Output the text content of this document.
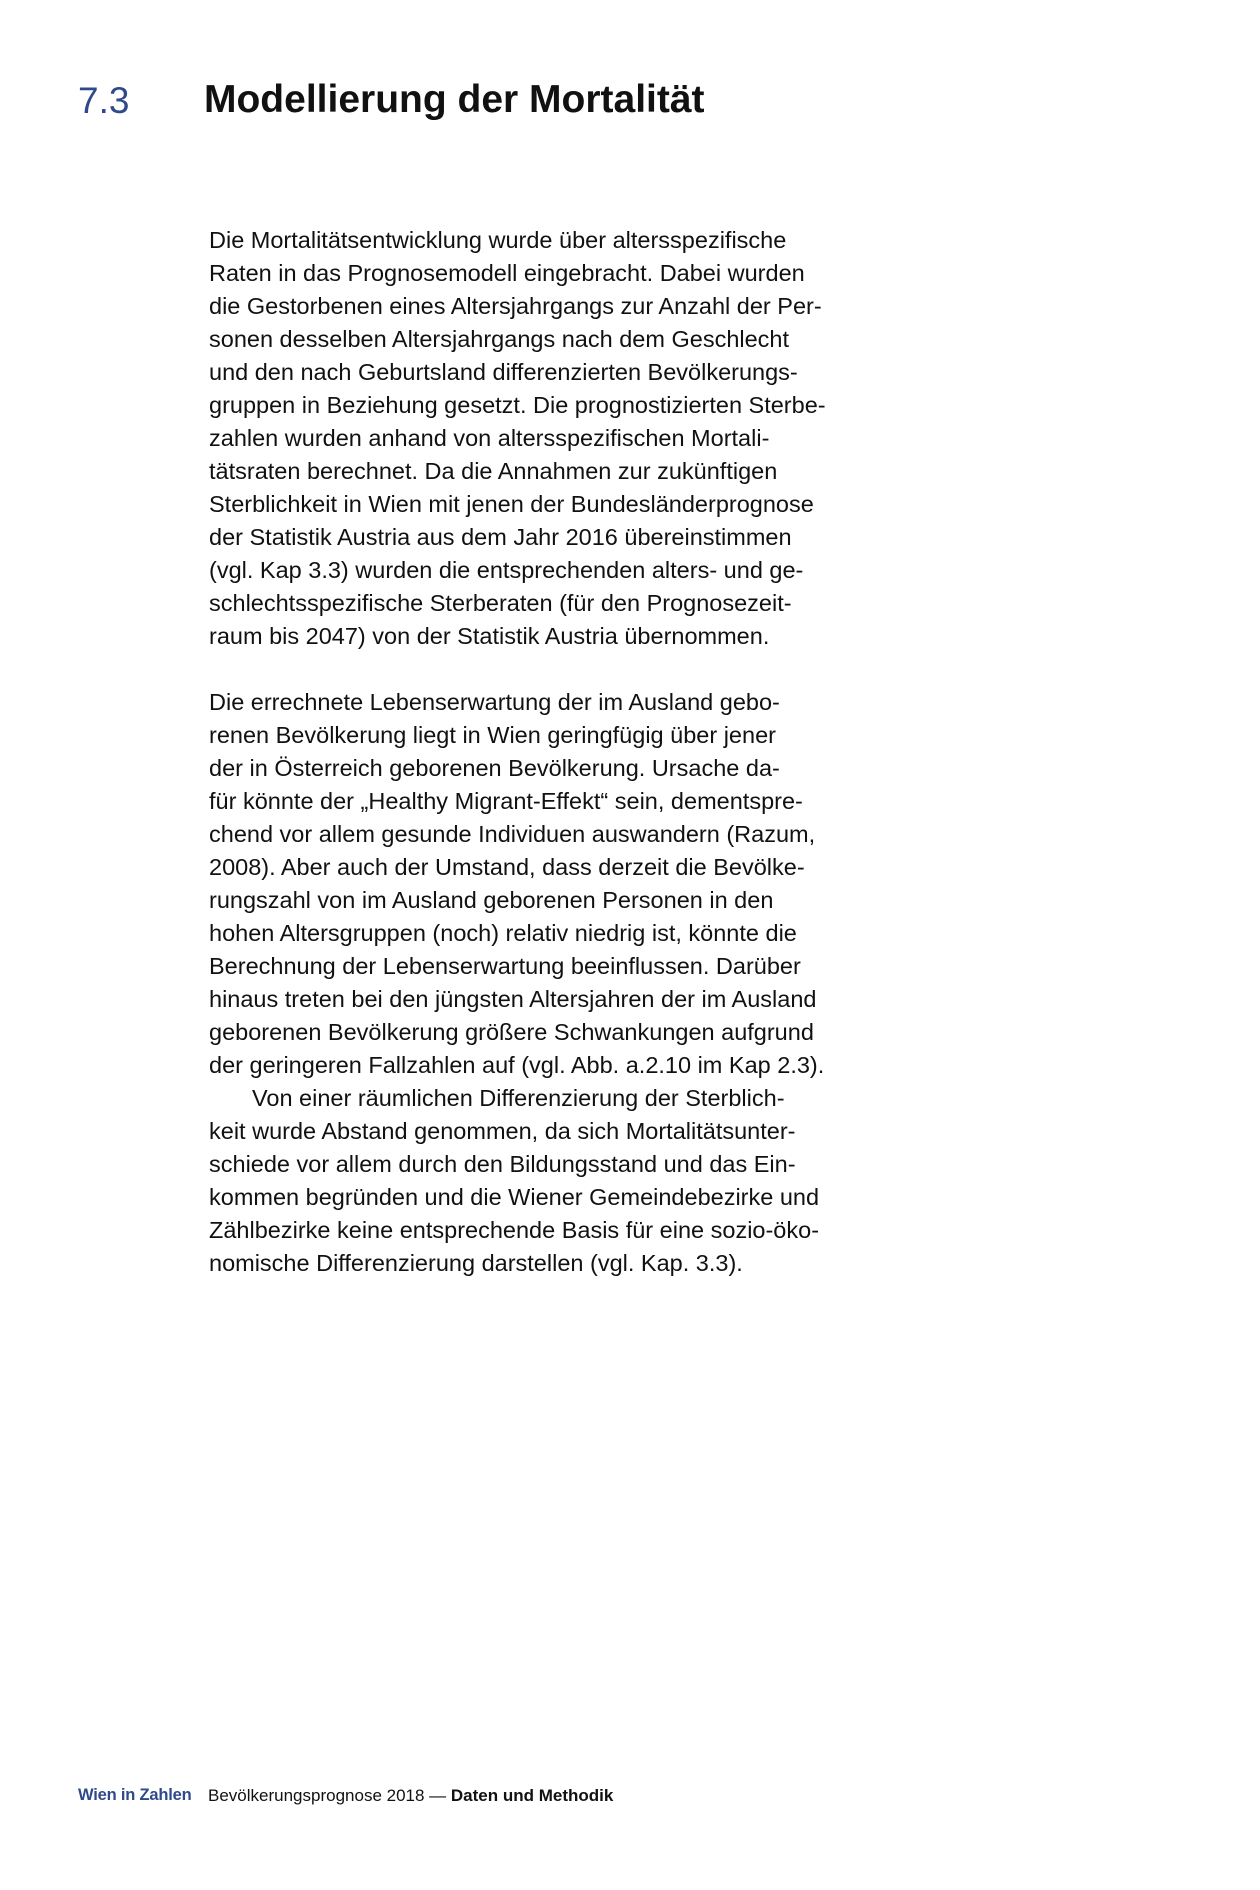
7.3 Modellierung der Mortalität

Die Mortalitätsentwicklung wurde über altersspezifische
Raten in das Prognosemodell eingebracht. Dabei wurden
die Gestorbenen eines Altersjahrgangs zur Anzahl der Per-
sonen desselben Altersjahrgangs nach dem Geschlecht
und den nach Geburtsland differenzierten Bevölkerungs-
gruppen in Beziehung gesetzt. Die prognostizierten Sterbe-
zahlen wurden anhand von altersspezifischen Mortali-
tätsraten berechnet. Da die Annahmen zur zukünftigen
Sterblichkeit in Wien mit jenen der Bundesländerprognose
der Statistik Austria aus dem Jahr 2016 übereinstimmen
(vgl. Kap 3.3) wurden die entsprechenden alters- und ge-
schlechtsspezifische Sterberaten (für den Prognosezeit-
raum bis 2047) von der Statistik Austria übernommen.

Die errechnete Lebenserwartung der im Ausland gebo-
renen Bevölkerung liegt in Wien geringfügig über jener
der in Österreich geborenen Bevölkerung. Ursache da-
für könnte der „Healthy Migrant-Effekt“ sein, dementspre-
chend vor allem gesunde Individuen auswandern (Razum,
2008). Aber auch der Umstand, dass derzeit die Bevölke-
rungszahl von im Ausland geborenen Personen in den
hohen Altersgruppen (noch) relativ niedrig ist, könnte die
Berechnung der Lebenserwartung beeinflussen. Darüber
hinaus treten bei den jüngsten Altersjahren der im Ausland
geborenen Bevölkerung größere Schwankungen aufgrund
der geringeren Fallzahlen auf (vgl. Abb. a.2.10 im Kap 2.3).

Von einer räumlichen Differenzierung der Sterblich-
keit wurde Abstand genommen, da sich Mortalitätsunter-
schiede vor allem durch den Bildungsstand und das Ein-
kommen begründen und die Wiener Gemeindebezirke und
Zählbezirke keine entsprechende Basis für eine sozio-öko-
nomische Differenzierung darstellen (vgl. Kap. 3.3).

Wien in Zahlen Bevölkerungsprognose 2018 — Daten und Methodik
